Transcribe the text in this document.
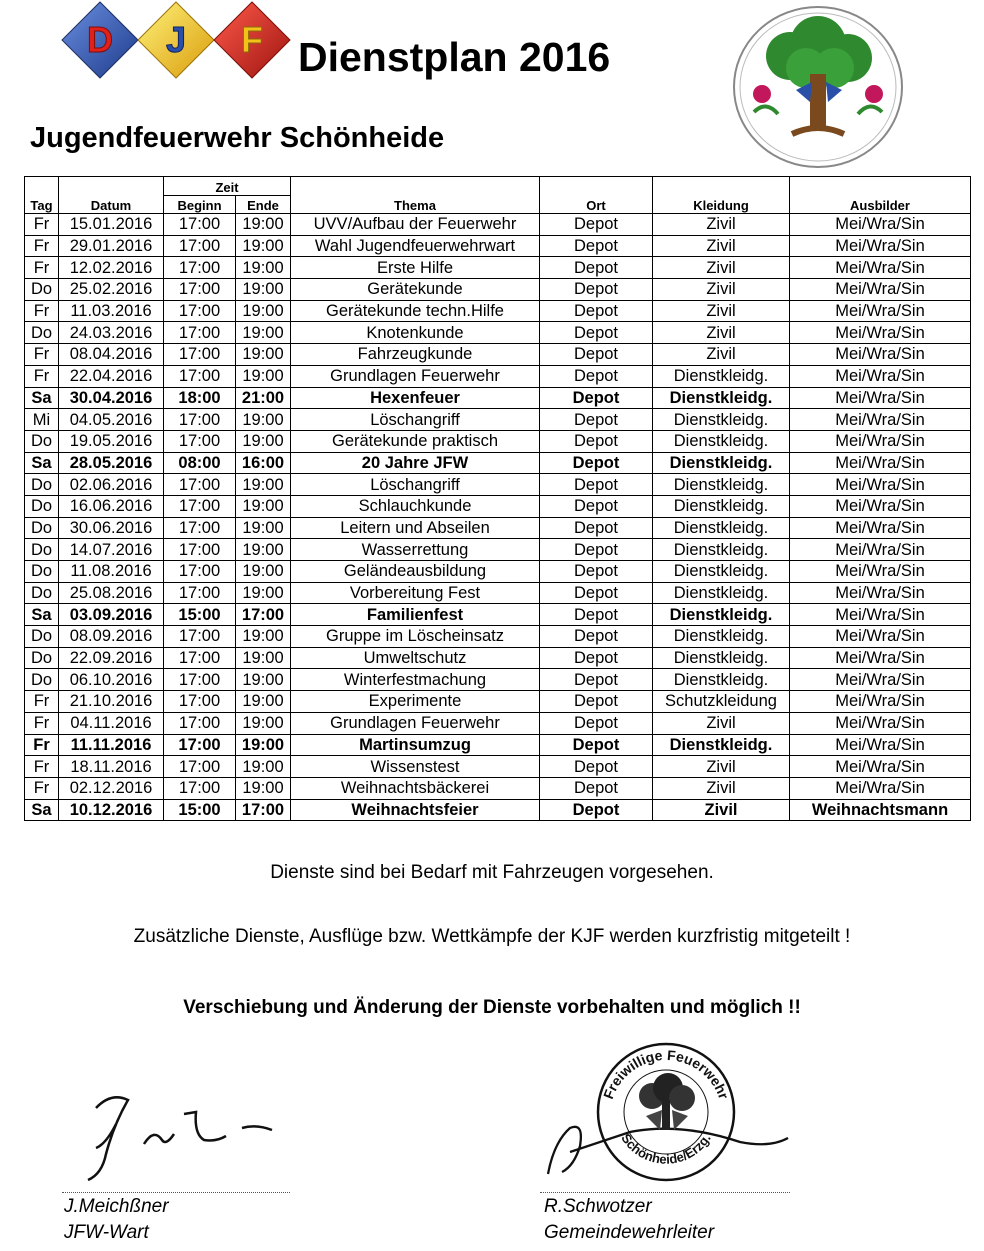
D J F Dienstplan 2016
Jugendfeuerwehr Schönheide
		Zeit					
Tag	Datum	Beginn	Ende	Thema	Ort	Kleidung	Ausbilder
Fr	15.01.2016	17:00	19:00	UVV/Aufbau der Feuerwehr	Depot	Zivil	Mei/Wra/Sin
Fr	29.01.2016	17:00	19:00	Wahl Jugendfeuerwehrwart	Depot	Zivil	Mei/Wra/Sin
Fr	12.02.2016	17:00	19:00	Erste Hilfe	Depot	Zivil	Mei/Wra/Sin
Do	25.02.2016	17:00	19:00	Gerätekunde	Depot	Zivil	Mei/Wra/Sin
Fr	11.03.2016	17:00	19:00	Gerätekunde techn.Hilfe	Depot	Zivil	Mei/Wra/Sin
Do	24.03.2016	17:00	19:00	Knotenkunde	Depot	Zivil	Mei/Wra/Sin
Fr	08.04.2016	17:00	19:00	Fahrzeugkunde	Depot	Zivil	Mei/Wra/Sin
Fr	22.04.2016	17:00	19:00	Grundlagen Feuerwehr	Depot	Dienstkleidg.	Mei/Wra/Sin
Sa	30.04.2016	18:00	21:00	Hexenfeuer	Depot	Dienstkleidg.	Mei/Wra/Sin
Mi	04.05.2016	17:00	19:00	Löschangriff	Depot	Dienstkleidg.	Mei/Wra/Sin
Do	19.05.2016	17:00	19:00	Gerätekunde praktisch	Depot	Dienstkleidg.	Mei/Wra/Sin
Sa	28.05.2016	08:00	16:00	20 Jahre JFW	Depot	Dienstkleidg.	Mei/Wra/Sin
Do	02.06.2016	17:00	19:00	Löschangriff	Depot	Dienstkleidg.	Mei/Wra/Sin
Do	16.06.2016	17:00	19:00	Schlauchkunde	Depot	Dienstkleidg.	Mei/Wra/Sin
Do	30.06.2016	17:00	19:00	Leitern und Abseilen	Depot	Dienstkleidg.	Mei/Wra/Sin
Do	14.07.2016	17:00	19:00	Wasserrettung	Depot	Dienstkleidg.	Mei/Wra/Sin
Do	11.08.2016	17:00	19:00	Geländeausbildung	Depot	Dienstkleidg.	Mei/Wra/Sin
Do	25.08.2016	17:00	19:00	Vorbereitung Fest	Depot	Dienstkleidg.	Mei/Wra/Sin
Sa	03.09.2016	15:00	17:00	Familienfest	Depot	Dienstkleidg.	Mei/Wra/Sin
Do	08.09.2016	17:00	19:00	Gruppe im Löscheinsatz	Depot	Dienstkleidg.	Mei/Wra/Sin
Do	22.09.2016	17:00	19:00	Umweltschutz	Depot	Dienstkleidg.	Mei/Wra/Sin
Do	06.10.2016	17:00	19:00	Winterfestmachung	Depot	Dienstkleidg.	Mei/Wra/Sin
Fr	21.10.2016	17:00	19:00	Experimente	Depot	Schutzkleidung	Mei/Wra/Sin
Fr	04.11.2016	17:00	19:00	Grundlagen Feuerwehr	Depot	Zivil	Mei/Wra/Sin
Fr	11.11.2016	17:00	19:00	Martinsumzug	Depot	Dienstkleidg.	Mei/Wra/Sin
Fr	18.11.2016	17:00	19:00	Wissenstest	Depot	Zivil	Mei/Wra/Sin
Fr	02.12.2016	17:00	19:00	Weihnachtsbäckerei	Depot	Zivil	Mei/Wra/Sin
Sa	10.12.2016	15:00	17:00	Weihnachtsfeier	Depot	Zivil	Weihnachtsmann
Dienste sind bei Bedarf mit Fahrzeugen vorgesehen.
Zusätzliche Dienste, Ausflüge bzw. Wettkämpfe der KJF werden kurzfristig mitgeteilt !
Verschiebung und Änderung der Dienste vorbehalten und möglich !!
J.Meichßner
JFW-Wart
Freiwillige Feuerwehr
Schönheide/Erzg.
R.Schwotzer
Gemeindewehrleiter
